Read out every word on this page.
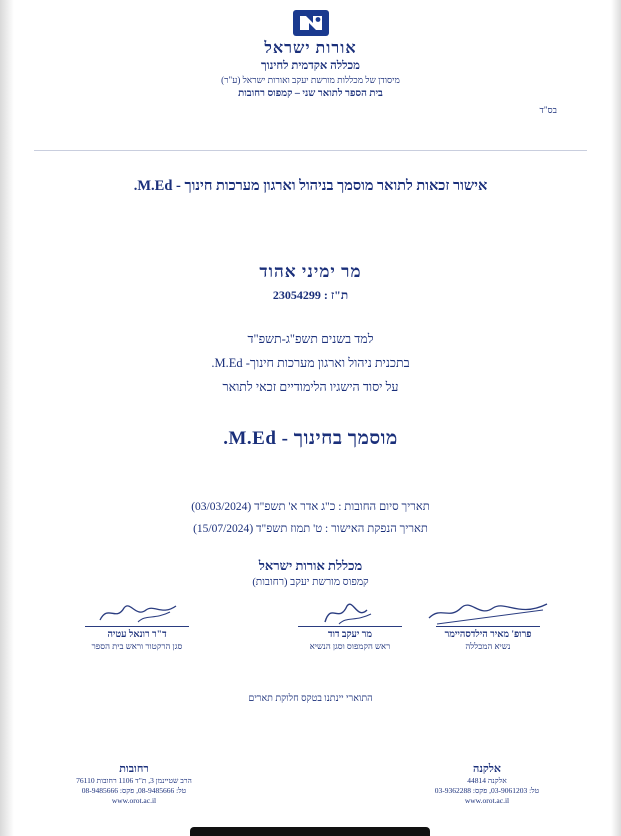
אורות ישראל
מכללה אקדמית לחינוך
מיסודן של מכללות מורשת יעקב ואורות ישראל (ע"ר)
בית הספר לתואר שני – קמפוס רחובות
בס"ד
אישור זכאות לתואר מוסמך בניהול וארגון מערכות חינוך - M.Ed.
מר ימיני אהוד
ת"ז : 23054299
למד בשנים תשפ"ג-תשפ"ד
בתכנית ניהול וארגון מערכות חינוך- M.Ed.
על יסוד הישגיו הלימודיים זכאי לתואר
מוסמך בחינוך - M.Ed.
תאריך סיום החובות : כ"ג אדר א' תשפ"ד (03/03/2024)
תאריך הנפקת האישור : ט' תמוז תשפ"ד (15/07/2024)
מכללת אורות ישראל
קמפוס מורשת יעקב (רחובות)
ד"ר רונאל עטיה
סגן הרקטור וראש בית הספר
מר יעקב דוד
ראש הקמפוס וסגן הנשיא
פרופ' מאיר הילדסהיימר
נשיא המכללה
התוארי יינתנו בטקס חלוקת תארים
אלקנה
אלקנה 44814
טל: 03-9061203, פקס: 03-9362288
www.orot.ac.il
רחובות
הרב שטיינמן 3, ת"ד 1106 רחובות 76110
טל: 08-9485666, פקס: 08-9485666
www.orot.ac.il
